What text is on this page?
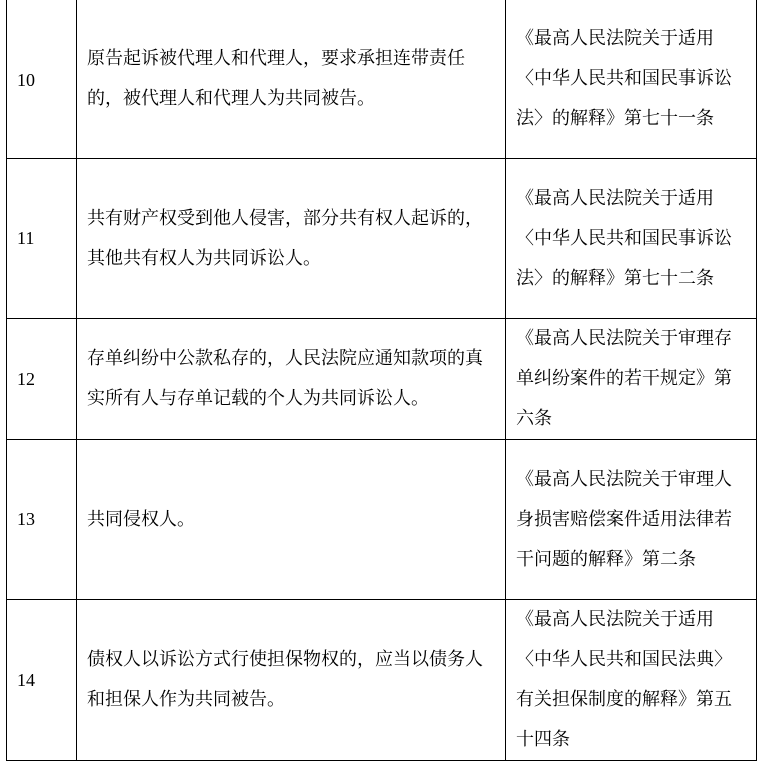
10	原告起诉被代理人和代理人，要求承担连带责任的，被代理人和代理人为共同被告。	《最高人民法院关于适用〈中华人民共和国民事诉讼法〉的解释》第七十一条

11	共有财产权受到他人侵害，部分共有权人起诉的，其他共有权人为共同诉讼人。	《最高人民法院关于适用〈中华人民共和国民事诉讼法〉的解释》第七十二条

12	存单纠纷中公款私存的，人民法院应通知款项的真实所有人与存单记载的个人为共同诉讼人。	《最高人民法院关于审理存单纠纷案件的若干规定》第六条

13	共同侵权人。	《最高人民法院关于审理人身损害赔偿案件适用法律若干问题的解释》第二条

14	债权人以诉讼方式行使担保物权的，应当以债务人和担保人作为共同被告。	《最高人民法院关于适用〈中华人民共和国民法典〉有关担保制度的解释》第五十四条
